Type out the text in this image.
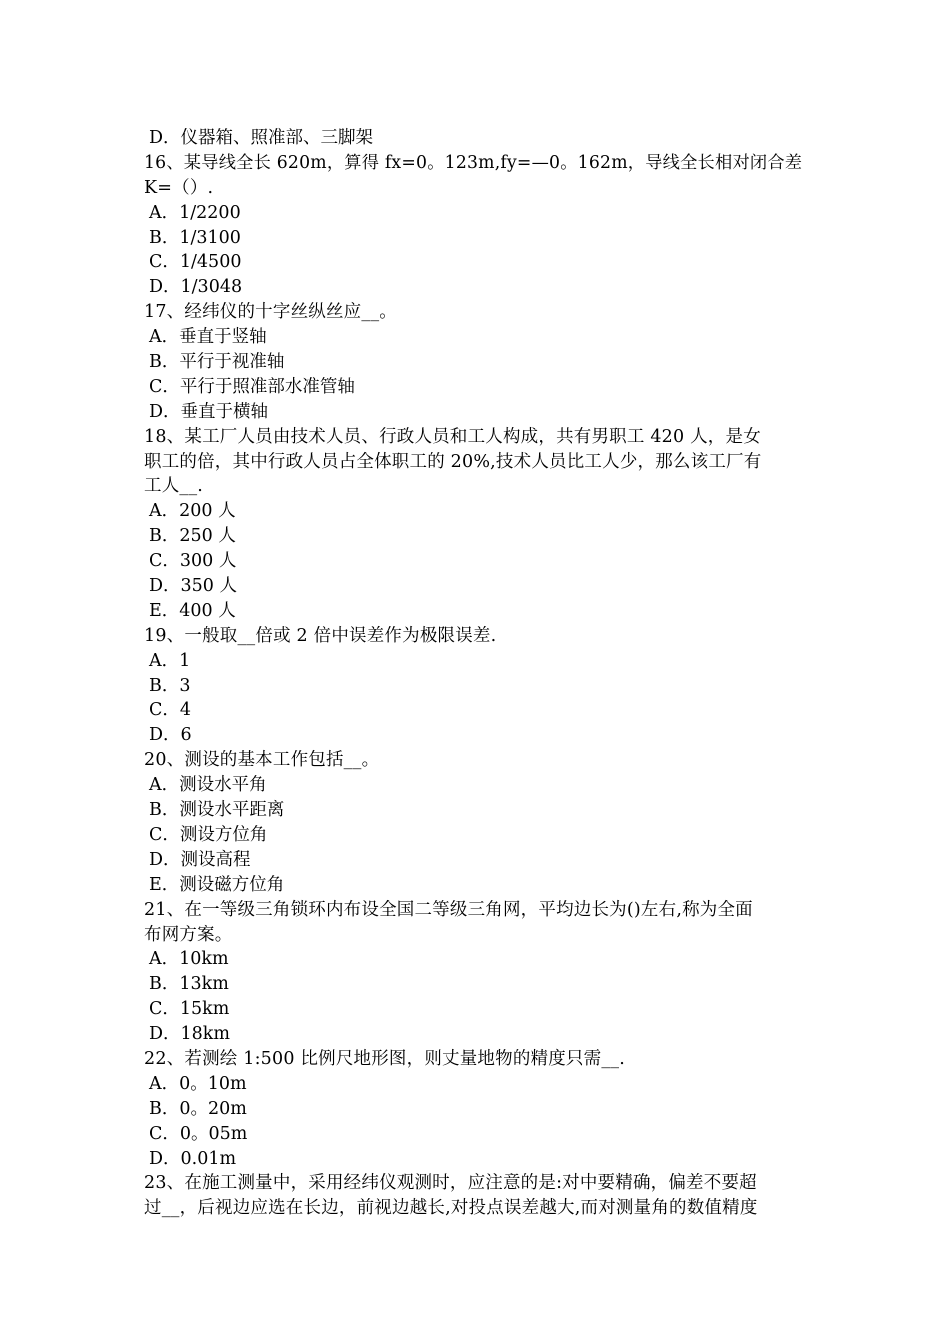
D．仪器箱、照准部、三脚架
16、某导线全长 620m，算得 fx=0。123m,fy=—0。162m，导线全长相对闭合差
K=（）.
A．1/2200
B．1/3100
C．1/4500
D．1/3048
17、经纬仪的十字丝纵丝应__。
A．垂直于竖轴
B．平行于视准轴
C．平行于照准部水准管轴
D．垂直于横轴
18、某工厂人员由技术人员、行政人员和工人构成，共有男职工 420 人，是女
职工的倍，其中行政人员占全体职工的 20%,技术人员比工人少，那么该工厂有
工人__.
A．200 人
B．250 人
C．300 人
D．350 人
E．400 人
19、一般取__倍或 2 倍中误差作为极限误差.
A．1
B．3
C．4
D．6
20、测设的基本工作包括__。
A．测设水平角
B．测设水平距离
C．测设方位角
D．测设高程
E．测设磁方位角
21、在一等级三角锁环内布设全国二等级三角网，平均边长为()左右,称为全面
布网方案。
A．10km
B．13km
C．15km
D．18km
22、若测绘 1:500 比例尺地形图，则丈量地物的精度只需__.
A．0。10m
B．0。20m
C．0。05m
D．0.01m
23、在施工测量中，采用经纬仪观测时，应注意的是:对中要精确，偏差不要超
过__，后视边应选在长边，前视边越长,对投点误差越大,而对测量角的数值精度
